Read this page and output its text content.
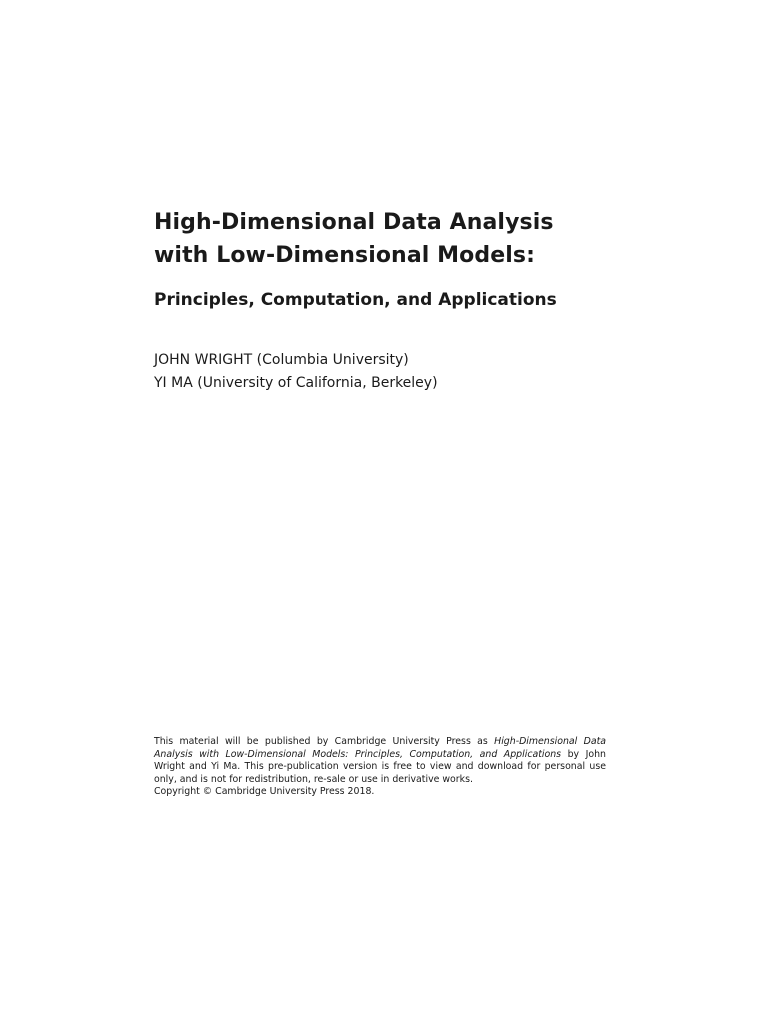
High-Dimensional Data Analysis
with Low-Dimensional Models:
Principles, Computation, and Applications
JOHN WRIGHT (Columbia University)
YI MA (University of California, Berkeley)

This material will be published by Cambridge University Press as High-Dimensional Data Analysis with Low-Dimensional Models: Principles, Computation, and Applications by John Wright and Yi Ma. This pre-publication version is free to view and download for personal use only, and is not for redistribution, re-sale or use in derivative works.

Copyright © Cambridge University Press 2018.
